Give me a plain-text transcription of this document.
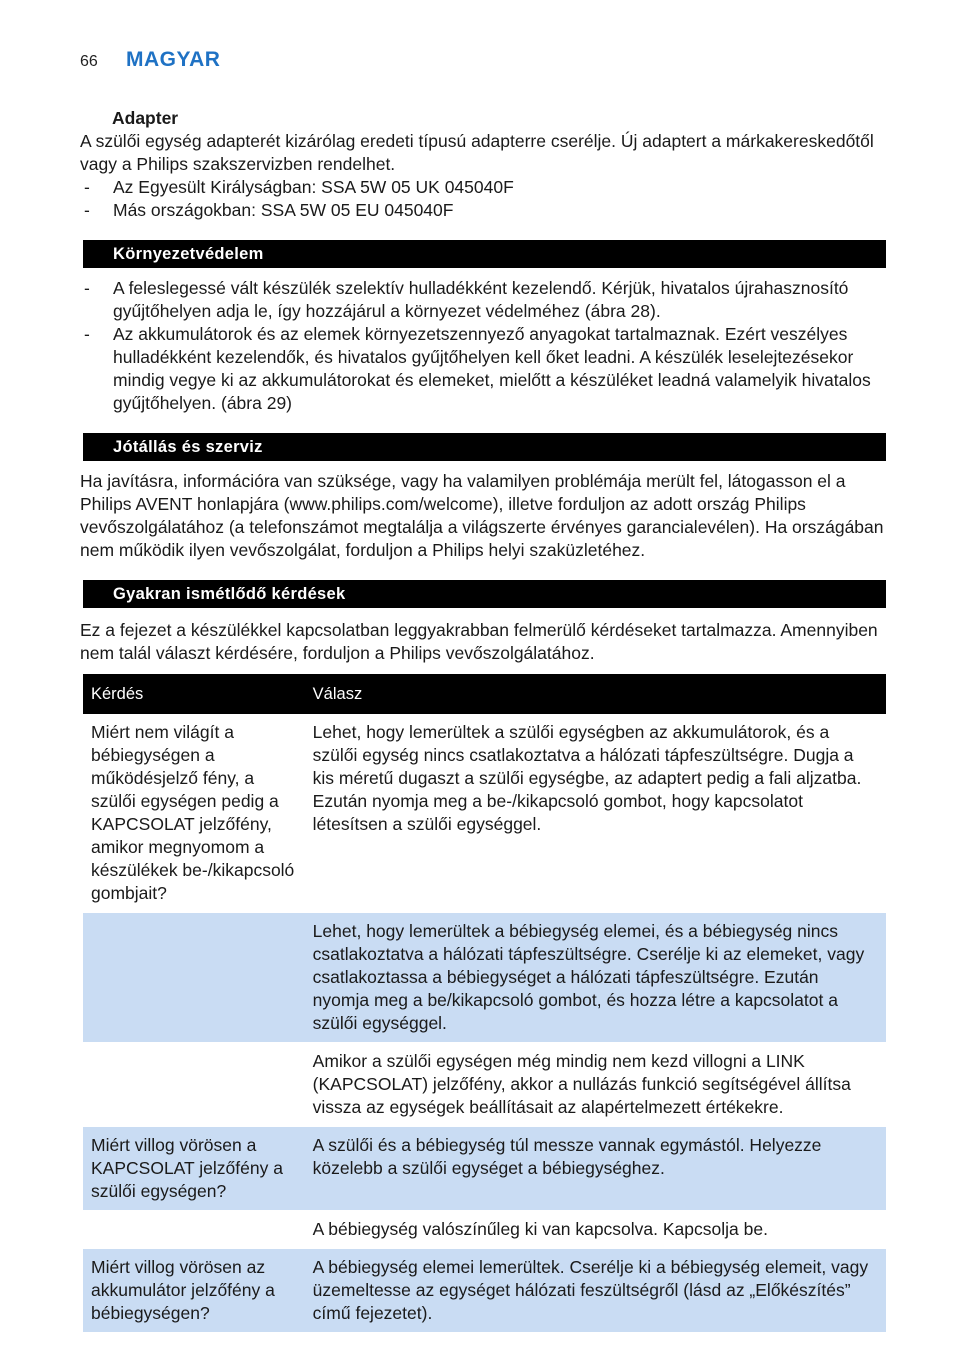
66 MAGYAR

Adapter

A szülői egység adapterét kizárólag eredeti típusú adapterre cserélje. Új adaptert a márkakereskedőtől vagy a Philips szakszervizben rendelhet.

- Az Egyesült Királyságban: SSA 5W 05 UK 045040F
- Más országokban: SSA 5W 05 EU 045040F
Környezetvédelem
- A feleslegessé vált készülék szelektív hulladékként kezelendő. Kérjük, hivatalos újrahasznosító gyűjtőhelyen adja le, így hozzájárul a környezet védelméhez (ábra 28).
- Az akkumulátorok és az elemek környezetszennyező anyagokat tartalmaznak. Ezért veszélyes hulladékként kezelendők, és hivatalos gyűjtőhelyen kell őket leadni. A készülék leselejtezésekor mindig vegye ki az akkumulátorokat és elemeket, mielőtt a készüléket leadná valamelyik hivatalos gyűjtőhelyen. (ábra 29)
Jótállás és szerviz

Ha javításra, információra van szüksége, vagy ha valamilyen problémája merült fel, látogasson el a Philips AVENT honlapjára (www.philips.com/welcome), illetve forduljon az adott ország Philips vevőszolgálatához (a telefonszámot megtalálja a világszerte érvényes garancialevélen). Ha országában nem működik ilyen vevőszolgálat, forduljon a Philips helyi szaküzletéhez.

Gyakran ismétlődő kérdések

Ez a fejezet a készülékkel kapcsolatban leggyakrabban felmerülő kérdéseket tartalmazza. Amennyiben nem talál választ kérdésére, forduljon a Philips vevőszolgálatához.

Kérdés	Válasz
Miért nem világít a bébiegységen a működésjelző fény, a szülői egységen pedig a KAPCSOLAT jelzőfény, amikor megnyomom a készülékek be-/kikapcsoló gombjait?	Lehet, hogy lemerültek a szülői egységben az akkumulátorok, és a szülői egység nincs csatlakoztatva a hálózati tápfeszültségre. Dugja a kis méretű dugaszt a szülői egységbe, az adaptert pedig a fali aljzatba. Ezután nyomja meg a be-/kikapcsoló gombot, hogy kapcsolatot létesítsen a szülői egységgel.
	Lehet, hogy lemerültek a bébiegység elemei, és a bébiegység nincs csatlakoztatva a hálózati tápfeszültségre. Cserélje ki az elemeket, vagy csatlakoztassa a bébiegységet a hálózati tápfeszültségre. Ezután nyomja meg a be/kikapcsoló gombot, és hozza létre a kapcsolatot a szülői egységgel.
	Amikor a szülői egységen még mindig nem kezd villogni a LINK (KAPCSOLAT) jelzőfény, akkor a nullázás funkció segítségével állítsa vissza az egységek beállításait az alapértelmezett értékekre.
Miért villog vörösen a KAPCSOLAT jelzőfény a szülői egységen?	A szülői és a bébiegység túl messze vannak egymástól. Helyezze közelebb a szülői egységet a bébiegységhez.
	A bébiegység valószínűleg ki van kapcsolva. Kapcsolja be.
Miért villog vörösen az akkumulátor jelzőfény a bébiegységen?	A bébiegység elemei lemerültek. Cserélje ki a bébiegység elemeit, vagy üzemeltesse az egységet hálózati feszültségről (lásd az „Előkészítés” című fejezetet).
